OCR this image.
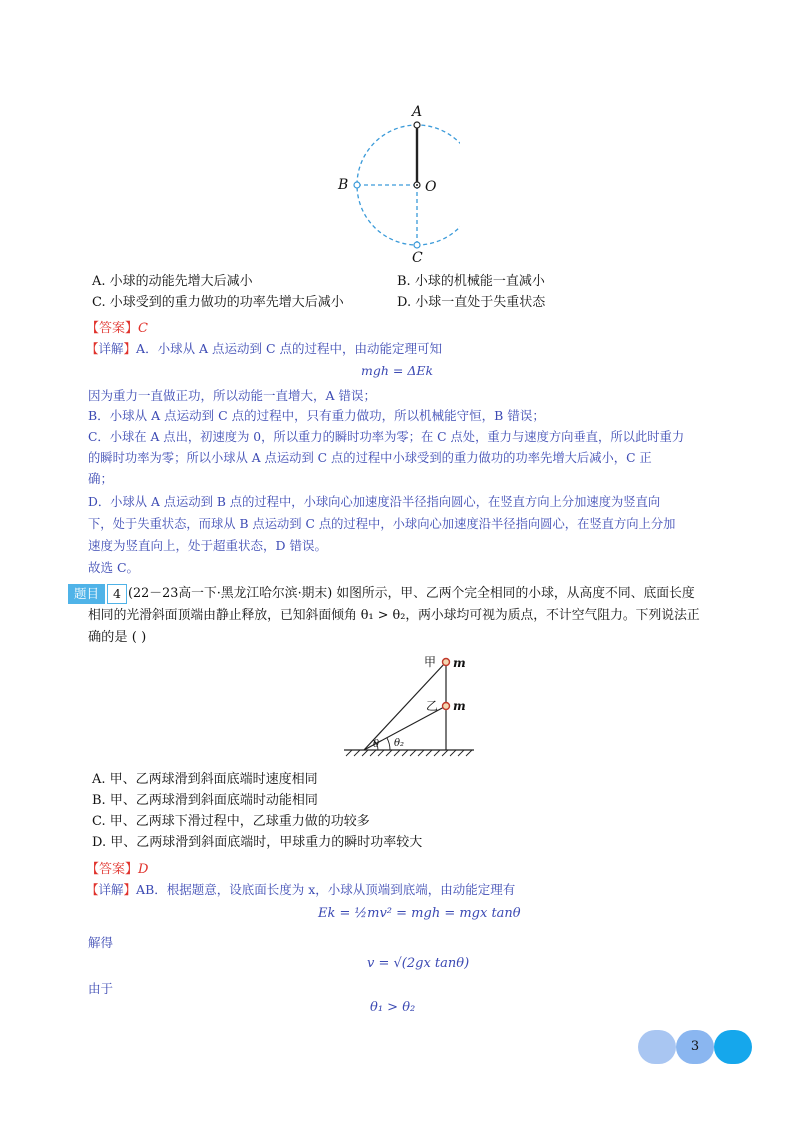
A
O
B
C
A. 小球的动能先增大后减小	B. 小球的机械能一直减小
C. 小球受到的重力做功的功率先增大后减小	D. 小球一直处于失重状态
【答案】C
【详解】A．小球从 A 点运动到 C 点的过程中，由动能定理可知
mgh = ΔEk
因为重力一直做正功，所以动能一直增大，A 错误；
B．小球从 A 点运动到 C 点的过程中，只有重力做功，所以机械能守恒，B 错误；
C．小球在 A 点出，初速度为 0，所以重力的瞬时功率为零；在 C 点处，重力与速度方向垂直，所以此时重力
的瞬时功率为零；所以小球从 A 点运动到 C 点的过程中小球受到的重力做功的功率先增大后减小，C 正
确；
D．小球从 A 点运动到 B 点的过程中，小球向心加速度沿半径指向圆心，在竖直方向上分加速度为竖直向
下，处于失重状态，而球从 B 点运动到 C 点的过程中，小球向心加速度沿半径指向圆心，在竖直方向上分加
速度为竖直向上，处于超重状态，D 错误。
故选 C。
题目	4 (22－23高一下·黑龙江哈尔滨·期末) 如图所示，甲、乙两个完全相同的小球，从高度不同、底面长度
相同的光滑斜面顶端由静止释放，已知斜面倾角 θ₁ > θ₂，两小球均可视为质点，不计空气阻力。下列说法正
确的是 ( )
甲 m
乙 m
θ θ₂
A. 甲、乙两球滑到斜面底端时速度相同
B. 甲、乙两球滑到斜面底端时动能相同
C. 甲、乙两球下滑过程中，乙球重力做的功较多
D. 甲、乙两球滑到斜面底端时，甲球重力的瞬时功率较大
【答案】D
【详解】AB．根据题意，设底面长度为 x，小球从顶端到底端，由动能定理有
Ek = ½mv² = mgh = mgx tanθ
解得
v = √(2gx tanθ)
由于
θ₁ > θ₂
3
